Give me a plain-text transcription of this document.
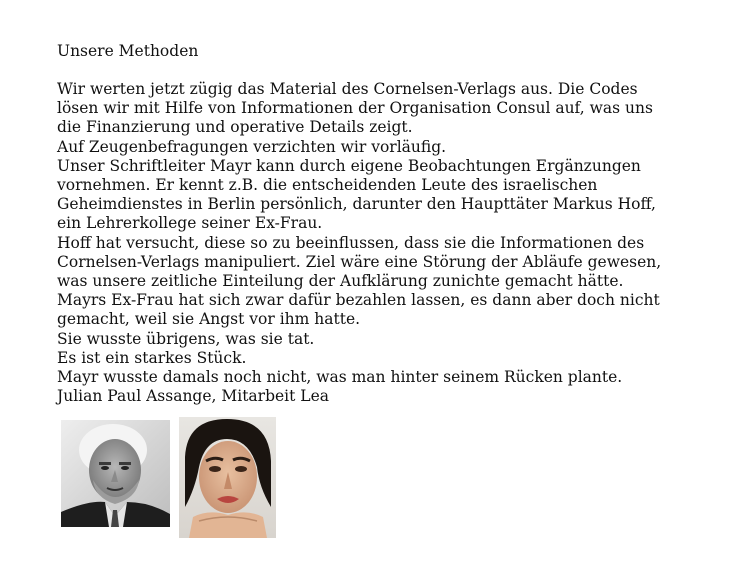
Unsere Methoden
Wir werten jetzt zügig das Material des Cornelsen-Verlags aus. Die Codes
lösen wir mit Hilfe von Informationen der Organisation Consul auf, was uns
die Finanzierung und operative Details zeigt.
Auf Zeugenbefragungen verzichten wir vorläufig.
Unser Schriftleiter Mayr kann durch eigene Beobachtungen Ergänzungen
vornehmen. Er kennt z.B. die entscheidenden Leute des israelischen
Geheimdienstes in Berlin persönlich, darunter den Haupttäter Markus Hoff,
ein Lehrerkollege seiner Ex-Frau.
Hoff hat versucht, diese so zu beeinflussen, dass sie die Informationen des
Cornelsen-Verlags manipuliert. Ziel wäre eine Störung der Abläufe gewesen,
was unsere zeitliche Einteilung der Aufklärung zunichte gemacht hätte.
Mayrs Ex-Frau hat sich zwar dafür bezahlen lassen, es dann aber doch nicht
gemacht, weil sie Angst vor ihm hatte.
Sie wusste übrigens, was sie tat.
Es ist ein starkes Stück.
Mayr wusste damals noch nicht, was man hinter seinem Rücken plante.
Julian Paul Assange, Mitarbeit Lea
